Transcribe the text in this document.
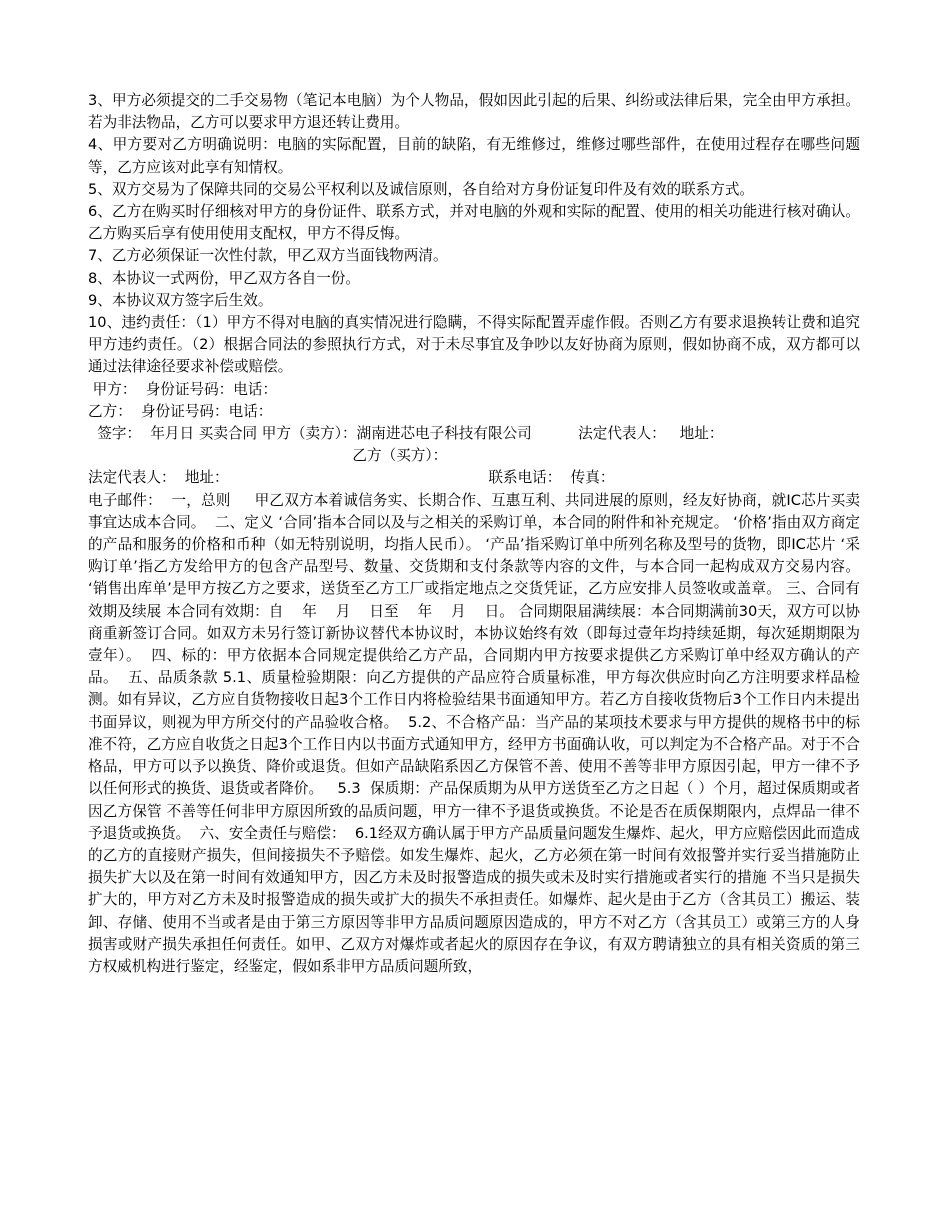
3、甲方必须提交的二手交易物（笔记本电脑）为个人物品，假如因此引起的后果、纠纷或法律后果，完全由甲方承担。若为非法物品，乙方可以要求甲方退还转让费用。

4、甲方要对乙方明确说明：电脑的实际配置，目前的缺陷，有无维修过，维修过哪些部件，在使用过程存在哪些问题等，乙方应该对此享有知情权。

5、双方交易为了保障共同的交易公平权利以及诚信原则，各自给对方身份证复印件及有效的联系方式。

6、乙方在购买时仔细核对甲方的身份证件、联系方式，并对电脑的外观和实际的配置、使用的相关功能进行核对确认。乙方购买后享有使用使用支配权，甲方不得反悔。

7、乙方必须保证一次性付款，甲乙双方当面钱物两清。

8、本协议一式两份，甲乙双方各自一份。

9、本协议双方签字后生效。

10、违约责任：（1）甲方不得对电脑的真实情况进行隐瞒，不得实际配置弄虚作假。否则乙方有要求退换转让费和追究甲方违约责任。（2）根据合同法的参照执行方式，对于未尽事宜及争吵以友好协商为原则，假如协商不成，双方都可以通过法律途径要求补偿或赔偿。

甲方：  身份证号码：电话：

乙方：  身份证号码：电话：

签字：  年月日 买卖合同 甲方（卖方）：湖南进芯电子科技有限公司          法定代表人：   地址：

乙方（买方）：

法定代表人：  地址：                                                        联系电话：  传真：

电子邮件：  一，总则     甲乙双方本着诚信务实、长期合作、互惠互利、共同进展的原则，经友好协商，就IC芯片买卖事宜达成本合同。  二、定义 ‘合同’指本合同以及与之相关的采购订单，本合同的附件和补充规定。 ‘价格’指由双方商定的产品和服务的价格和币种（如无特别说明，均指人民币）。 ‘产品’指采购订单中所列名称及型号的货物，即IC芯片 ‘采购订单’指乙方发给甲方的包含产品型号、数量、交货期和支付条款等内容的文件，与本合同一起构成双方交易内容。 ‘销售出库单’是甲方按乙方之要求，送货至乙方工厂或指定地点之交货凭证，乙方应安排人员签收或盖章。 三、合同有效期及续展 本合同有效期：自    年    月    日至    年    月    日。 合同期限届满续展：本合同期满前30天，双方可以协商重新签订合同。如双方未另行签订新协议替代本协议时，本协议始终有效（即每过壹年均持续延期，每次延期期限为壹年）。  四、标的：甲方依据本合同规定提供给乙方产品，合同期内甲方按要求提供乙方采购订单中经双方确认的产品。  五、品质条款 5.1、质量检验期限：向乙方提供的产品应符合质量标准，甲方每次供应时向乙方注明要求样品检测。如有异议，乙方应自货物接收日起3个工作日内将检验结果书面通知甲方。若乙方自接收货物后3个工作日内未提出书面异议，则视为甲方所交付的产品验收合格。  5.2、不合格产品：当产品的某项技术要求与甲方提供的规格书中的标准不符，乙方应自收货之日起3个工作日内以书面方式通知甲方，经甲方书面确认收，可以判定为不合格产品。对于不合格品，甲方可以予以换货、降价或退货。但如产品缺陷系因乙方保管不善、使用不善等非甲方原因引起，甲方一律不予以任何形式的换货、退货或者降价。   5.3  保质期：产品保质期为从甲方送货至乙方之日起（ ）个月，超过保质期或者因乙方保管 不善等任何非甲方原因所致的品质问题，甲方一律不予退货或换货。不论是否在质保期限内，点焊品一律不予退货或换货。  六、安全责任与赔偿：  6.1经双方确认属于甲方产品质量问题发生爆炸、起火，甲方应赔偿因此而造成的乙方的直接财产损失，但间接损失不予赔偿。如发生爆炸、起火，乙方必须在第一时间有效报警并实行妥当措施防止损失扩大以及在第一时间有效通知甲方，因乙方未及时报警造成的损失或未及时实行措施或者实行的措施 不当只是损失扩大的，甲方对乙方未及时报警造成的损失或扩大的损失不承担责任。如爆炸、起火是由于乙方（含其员工）搬运、装卸、存储、使用不当或者是由于第三方原因等非甲方品质问题原因造成的，甲方不对乙方（含其员工）或第三方的人身损害或财产损失承担任何责任。如甲、乙双方对爆炸或者起火的原因存在争议，有双方聘请独立的具有相关资质的第三方权威机构进行鉴定，经鉴定，假如系非甲方品质问题所致，
